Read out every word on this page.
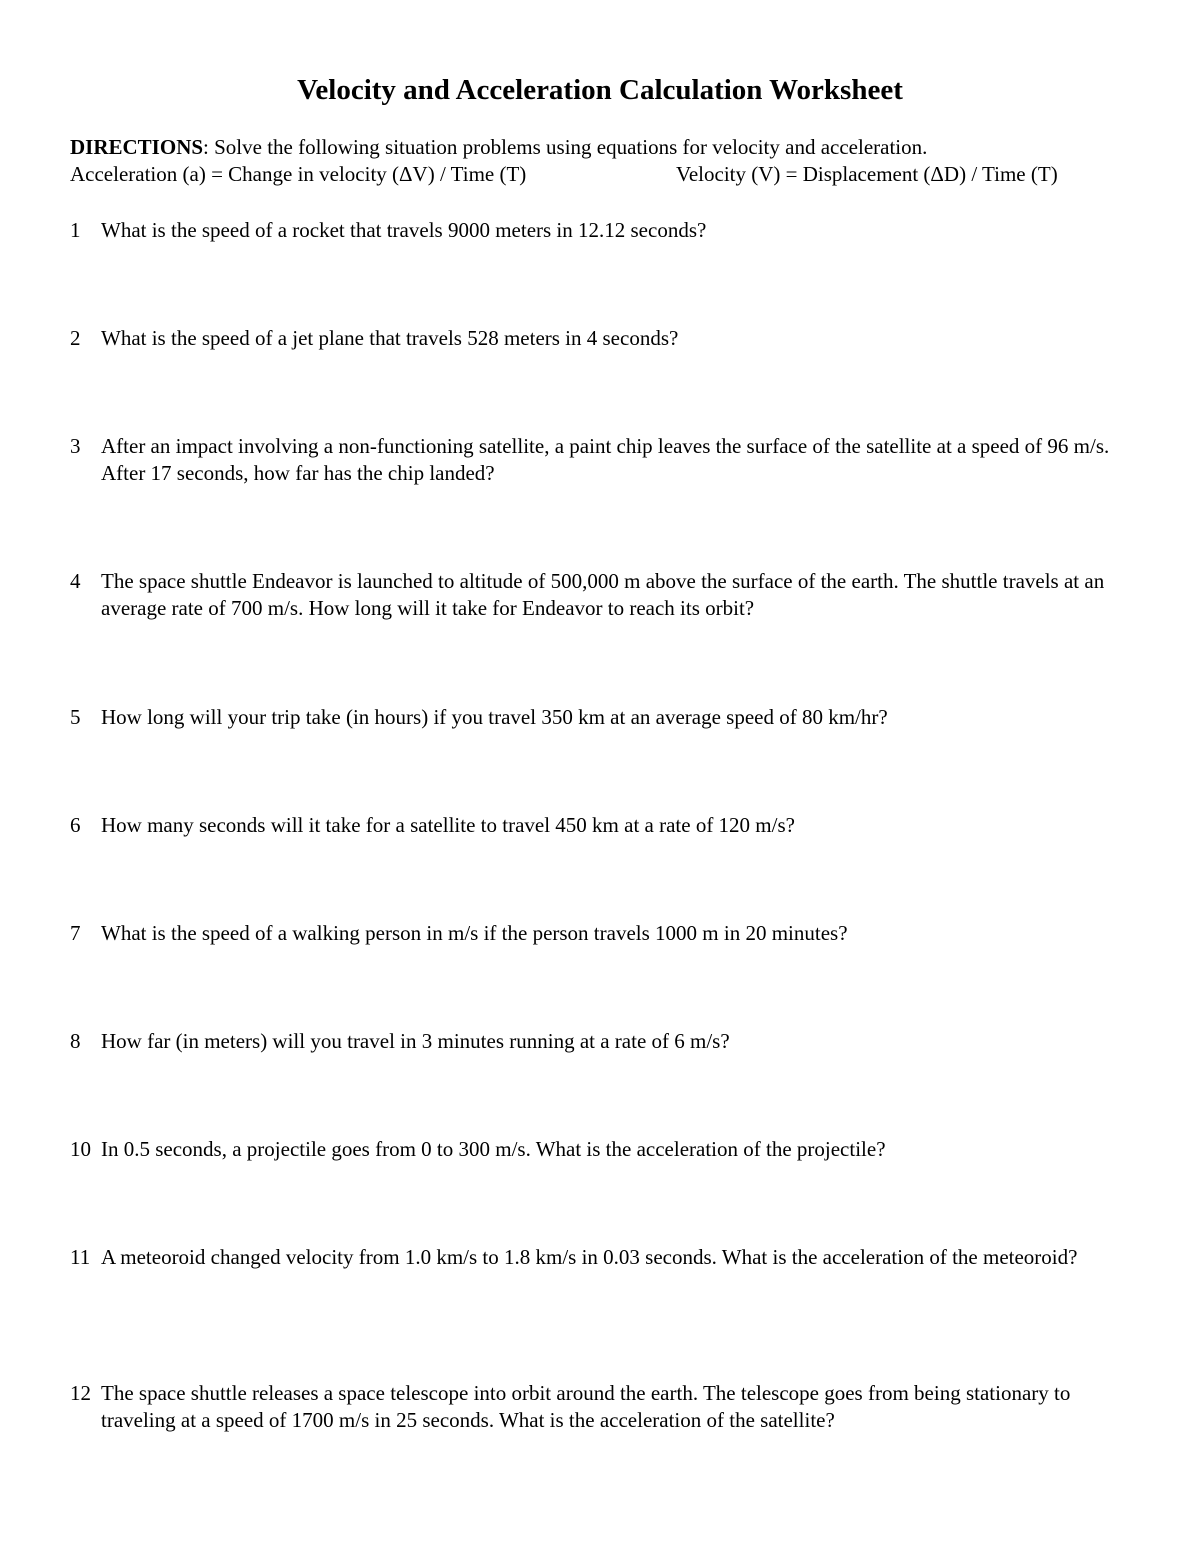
Velocity and Acceleration Calculation Worksheet
DIRECTIONS: Solve the following situation problems using equations for velocity and acceleration.
Acceleration (a) = Change in velocity (ΔV) / Time (T)	Velocity (V) = Displacement (ΔD) / Time (T)
1 What is the speed of a rocket that travels 9000 meters in 12.12 seconds?
2 What is the speed of a jet plane that travels 528 meters in 4 seconds?
3 After an impact involving a non-functioning satellite, a paint chip leaves the surface of the satellite at a speed of 96 m/s. After 17 seconds, how far has the chip landed?
4 The space shuttle Endeavor is launched to altitude of 500,000 m above the surface of the earth. The shuttle travels at an average rate of 700 m/s. How long will it take for Endeavor to reach its orbit?
5 How long will your trip take (in hours) if you travel 350 km at an average speed of 80 km/hr?
6 How many seconds will it take for a satellite to travel 450 km at a rate of 120 m/s?
7 What is the speed of a walking person in m/s if the person travels 1000 m in 20 minutes?
8 How far (in meters) will you travel in 3 minutes running at a rate of 6 m/s?
10 In 0.5 seconds, a projectile goes from 0 to 300 m/s. What is the acceleration of the projectile?
11 A meteoroid changed velocity from 1.0 km/s to 1.8 km/s in 0.03 seconds. What is the acceleration of the meteoroid?
12 The space shuttle releases a space telescope into orbit around the earth. The telescope goes from being stationary to traveling at a speed of 1700 m/s in 25 seconds. What is the acceleration of the satellite?
